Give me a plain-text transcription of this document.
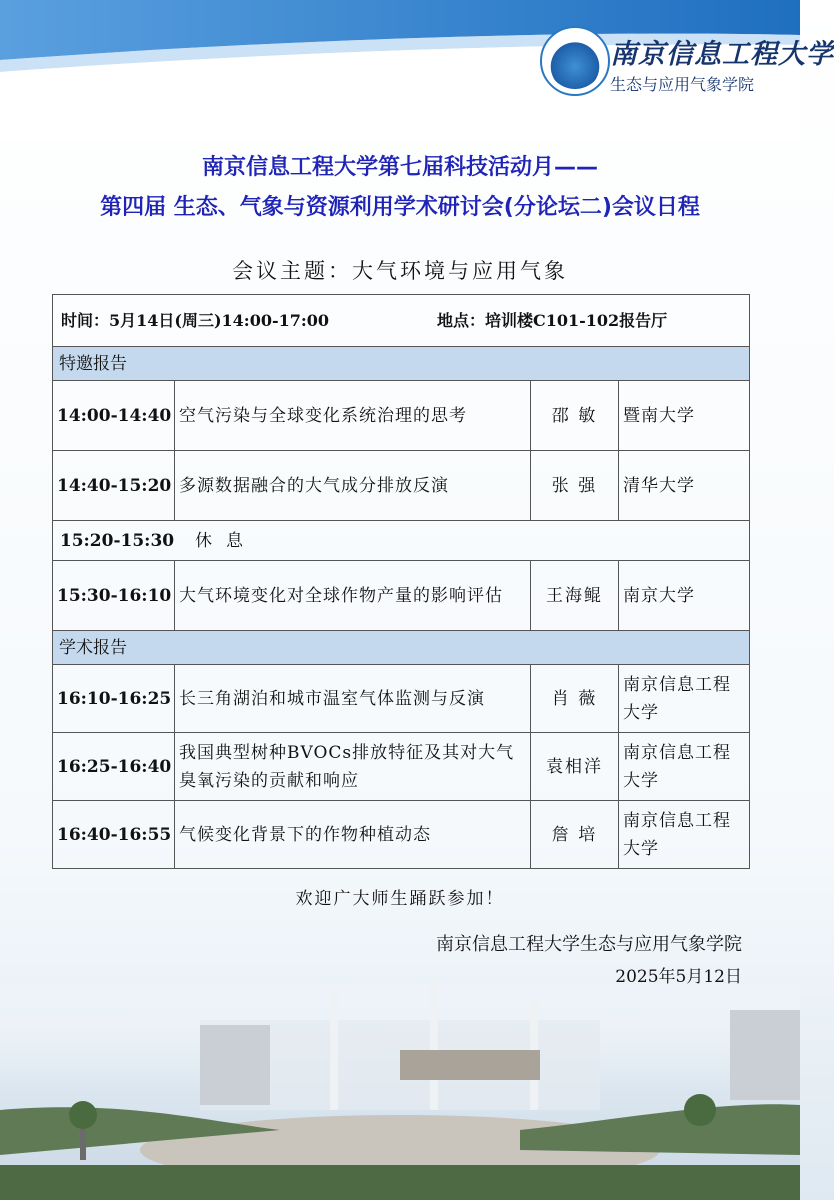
南京信息工程大学
生态与应用气象学院
南京信息工程大学第七届科技活动月——
第四届 生态、气象与资源利用学术研讨会(分论坛二)会议日程
会议主题：大气环境与应用气象
时间：5月14日(周三)14:00-17:00 地点：培训楼C101-102报告厅			
特邀报告			
14:00-14:40	空气污染与全球变化系统治理的思考	邵 敏	暨南大学
14:40-15:20	多源数据融合的大气成分排放反演	张 强	清华大学
15:20-15:30 休息			
15:30-16:10	大气环境变化对全球作物产量的影响评估	王海鲲	南京大学
学术报告			
16:10-16:25	长三角湖泊和城市温室气体监测与反演	肖 薇	南京信息工程大学
16:25-16:40	我国典型树种BVOCs排放特征及其对大气臭氧污染的贡献和响应	袁相洋	南京信息工程大学
16:40-16:55	气候变化背景下的作物种植动态	詹 培	南京信息工程大学
欢迎广大师生踊跃参加！
南京信息工程大学生态与应用气象学院
2025年5月12日
